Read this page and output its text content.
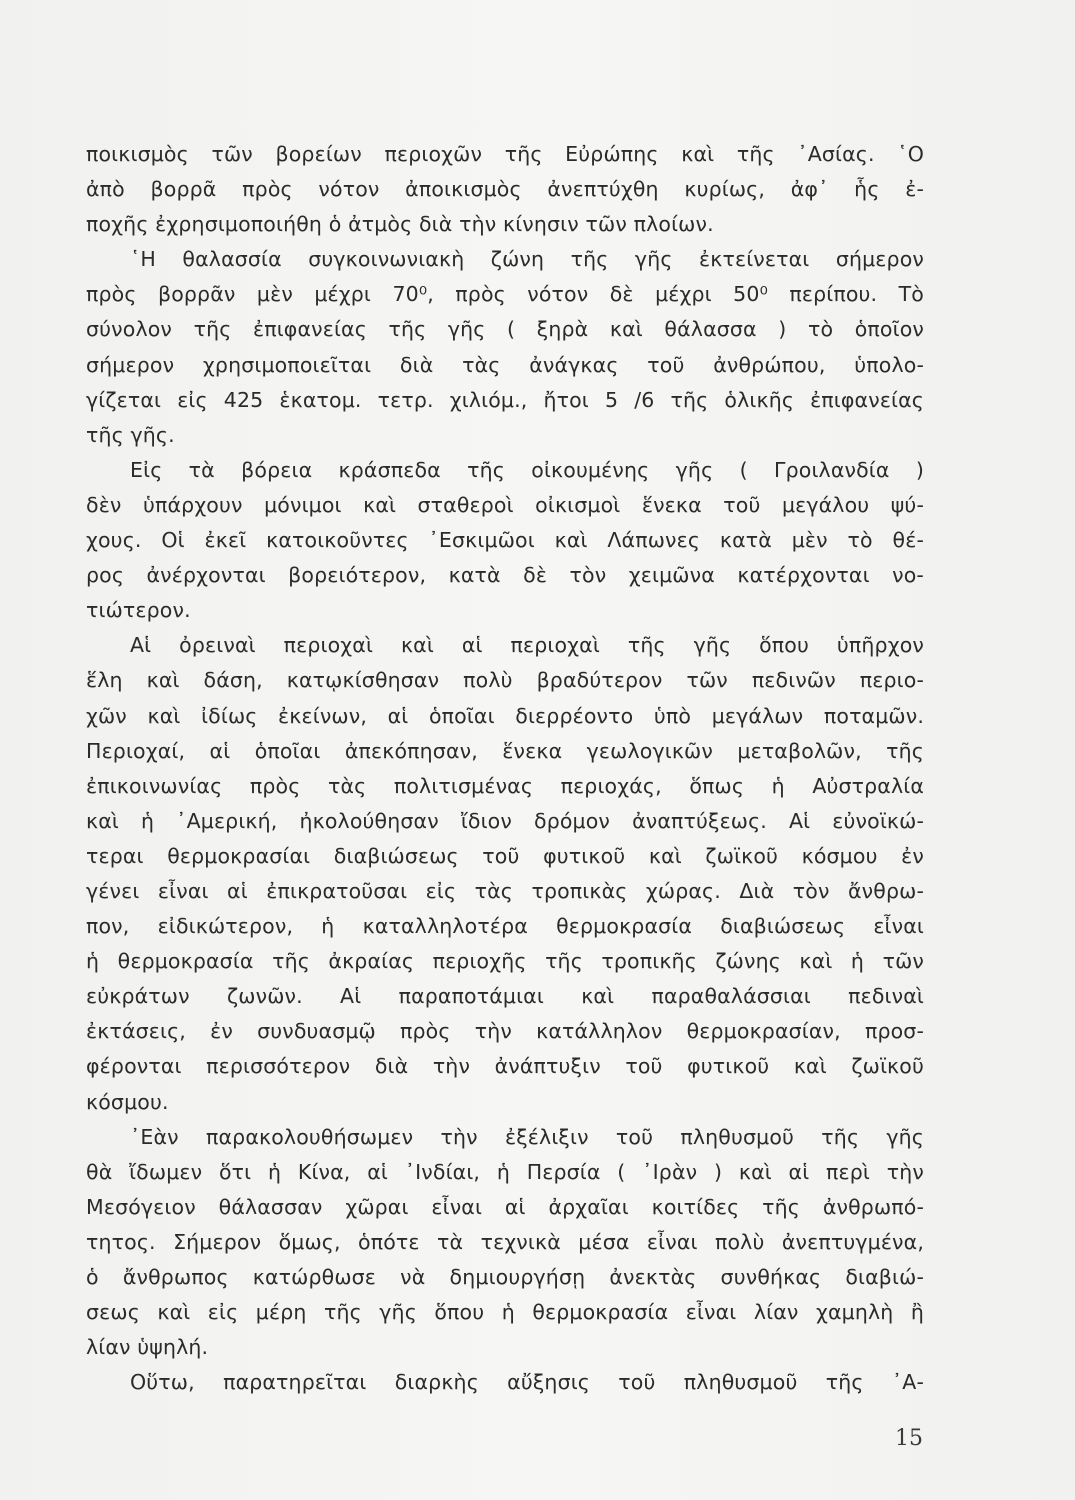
ποικισμὸς τῶν βορείων περιοχῶν τῆς Εὐρώπης καὶ τῆς ᾿Ασίας. ῾Ο
ἀπὸ βορρᾶ πρὸς νότον ἀποικισμὸς ἀνεπτύχθη κυρίως, ἀφ᾽ ἧς ἐ-
ποχῆς ἐχρησιμοποιήθη ὁ ἀτμὸς διὰ τὴν κίνησιν τῶν πλοίων.
῾Η θαλασσία συγκοινωνιακὴ ζώνη τῆς γῆς ἐκτείνεται σήμερον
πρὸς βορρᾶν μὲν μέχρι 70⁰, πρὸς νότον δὲ μέχρι 50⁰ περίπου. Τὸ
σύνολον τῆς ἐπιφανείας τῆς γῆς ( ξηρὰ καὶ θάλασσα ) τὸ ὁποῖον
σήμερον χρησιμοποιεῖται διὰ τὰς ἀνάγκας τοῦ ἀνθρώπου, ὑπολο-
γίζεται εἰς 425 ἑκατομ. τετρ. χιλιόμ., ἤτοι 5 /6 τῆς ὁλικῆς ἐπιφανείας
τῆς γῆς.
Εἰς τὰ βόρεια κράσπεδα τῆς οἰκουμένης γῆς ( Γροιλανδία )
δὲν ὑπάρχουν μόνιμοι καὶ σταθεροὶ οἰκισμοὶ ἕνεκα τοῦ μεγάλου ψύ-
χους. Οἱ ἐκεῖ κατοικοῦντες ᾿Εσκιμῶοι καὶ Λάπωνες κατὰ μὲν τὸ θέ-
ρος ἀνέρχονται βορειότερον, κατὰ δὲ τὸν χειμῶνα κατέρχονται νο-
τιώτερον.
Αἱ ὀρειναὶ περιοχαὶ καὶ αἱ περιοχαὶ τῆς γῆς ὅπου ὑπῆρχον
ἕλη καὶ δάση, κατῳκίσθησαν πολὺ βραδύτερον τῶν πεδινῶν περιο-
χῶν καὶ ἰδίως ἐκείνων, αἱ ὁποῖαι διερρέοντο ὑπὸ μεγάλων ποταμῶν.
Περιοχαί, αἱ ὁποῖαι ἀπεκόπησαν, ἕνεκα γεωλογικῶν μεταβολῶν, τῆς
ἐπικοινωνίας πρὸς τὰς πολιτισμένας περιοχάς, ὅπως ἡ Αὐστραλία
καὶ ἡ ᾿Αμερική, ἠκολούθησαν ἴδιον δρόμον ἀναπτύξεως. Αἱ εὐνοϊκώ-
τεραι θερμοκρασίαι διαβιώσεως τοῦ φυτικοῦ καὶ ζωϊκοῦ κόσμου ἐν
γένει εἶναι αἱ ἐπικρατοῦσαι εἰς τὰς τροπικὰς χώρας. Διὰ τὸν ἄνθρω-
πον, εἰδικώτερον, ἡ καταλληλοτέρα θερμοκρασία διαβιώσεως εἶναι
ἡ θερμοκρασία τῆς ἀκραίας περιοχῆς τῆς τροπικῆς ζώνης καὶ ἡ τῶν
εὐκράτων ζωνῶν. Αἱ παραποτάμιαι καὶ παραθαλάσσιαι πεδιναὶ
ἐκτάσεις, ἐν συνδυασμῷ πρὸς τὴν κατάλληλον θερμοκρασίαν, προσ-
φέρονται περισσότερον διὰ τὴν ἀνάπτυξιν τοῦ φυτικοῦ καὶ ζωϊκοῦ
κόσμου.
᾿Εὰν παρακολουθήσωμεν τὴν ἐξέλιξιν τοῦ πληθυσμοῦ τῆς γῆς
θὰ ἴδωμεν ὅτι ἡ Κίνα, αἱ ᾿Ινδίαι, ἡ Περσία ( ᾿Ιρὰν ) καὶ αἱ περὶ τὴν
Μεσόγειον θάλασσαν χῶραι εἶναι αἱ ἀρχαῖαι κοιτίδες τῆς ἀνθρωπό-
τητος. Σήμερον ὅμως, ὁπότε τὰ τεχνικὰ μέσα εἶναι πολὺ ἀνεπτυγμένα,
ὁ ἄνθρωπος κατώρθωσε νὰ δημιουργήσῃ ἀνεκτὰς συνθήκας διαβιώ-
σεως καὶ εἰς μέρη τῆς γῆς ὅπου ἡ θερμοκρασία εἶναι λίαν χαμηλὴ ἢ
λίαν ὑψηλή.
Οὕτω, παρατηρεῖται διαρκὴς αὔξησις τοῦ πληθυσμοῦ τῆς ᾿Α-
15
